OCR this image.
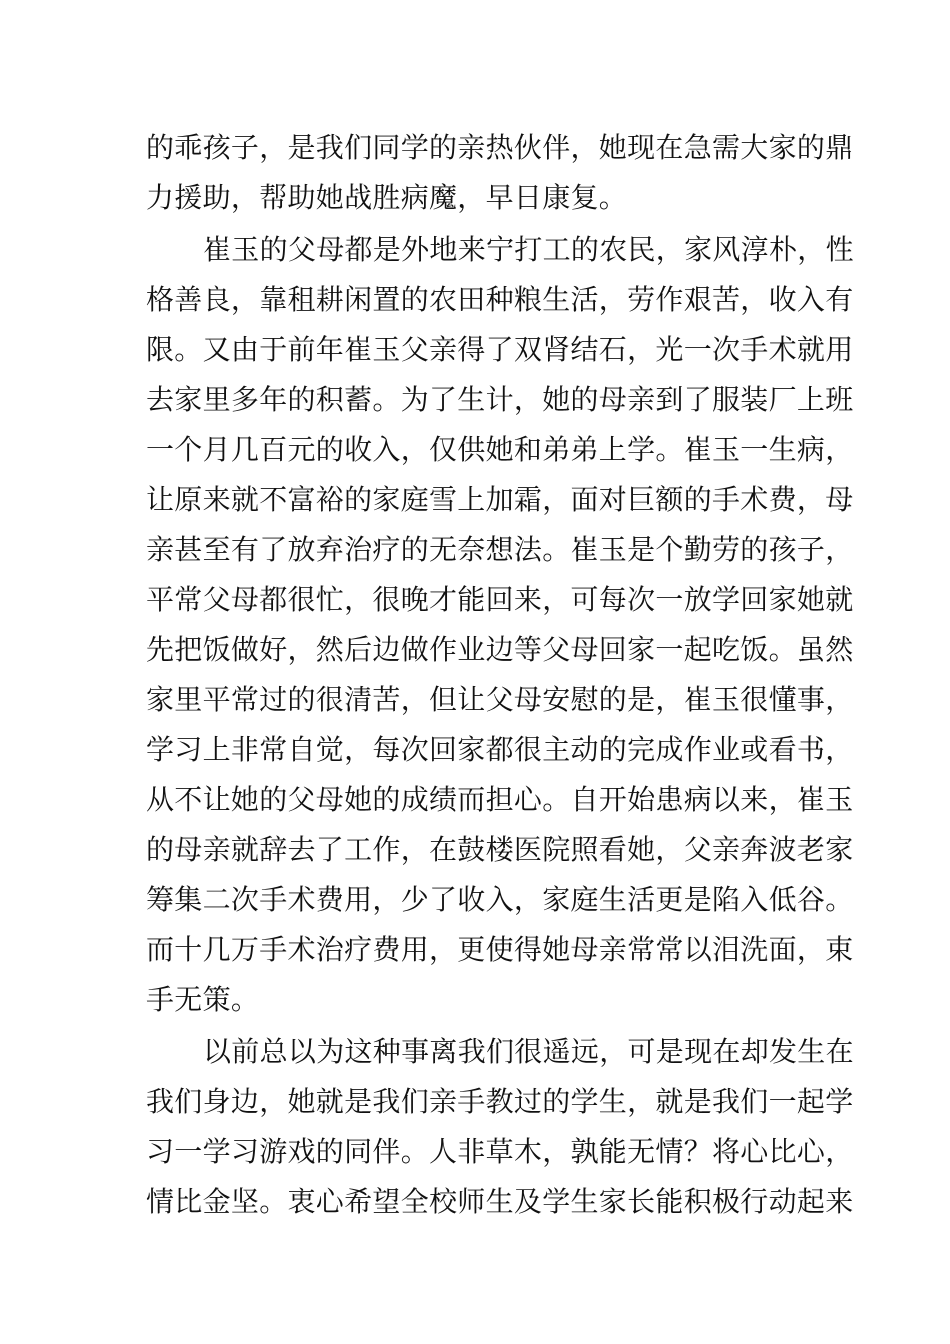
的乖孩子，是我们同学的亲热伙伴，她现在急需大家的鼎
力援助，帮助她战胜病魔，早日康复。
崔玉的父母都是外地来宁打工的农民，家风淳朴，性
格善良，靠租耕闲置的农田种粮生活，劳作艰苦，收入有
限。又由于前年崔玉父亲得了双肾结石，光一次手术就用
去家里多年的积蓄。为了生计，她的母亲到了服装厂上班
一个月几百元的收入，仅供她和弟弟上学。崔玉一生病，
让原来就不富裕的家庭雪上加霜，面对巨额的手术费，母
亲甚至有了放弃治疗的无奈想法。崔玉是个勤劳的孩子，
平常父母都很忙，很晚才能回来，可每次一放学回家她就
先把饭做好，然后边做作业边等父母回家一起吃饭。虽然
家里平常过的很清苦，但让父母安慰的是，崔玉很懂事，
学习上非常自觉，每次回家都很主动的完成作业或看书，
从不让她的父母她的成绩而担心。自开始患病以来，崔玉
的母亲就辞去了工作，在鼓楼医院照看她，父亲奔波老家
筹集二次手术费用，少了收入，家庭生活更是陷入低谷。
而十几万手术治疗费用，更使得她母亲常常以泪洗面，束
手无策。
以前总以为这种事离我们很遥远，可是现在却发生在
我们身边，她就是我们亲手教过的学生，就是我们一起学
习一学习游戏的同伴。人非草木，孰能无情？将心比心，
情比金坚。衷心希望全校师生及学生家长能积极行动起来
